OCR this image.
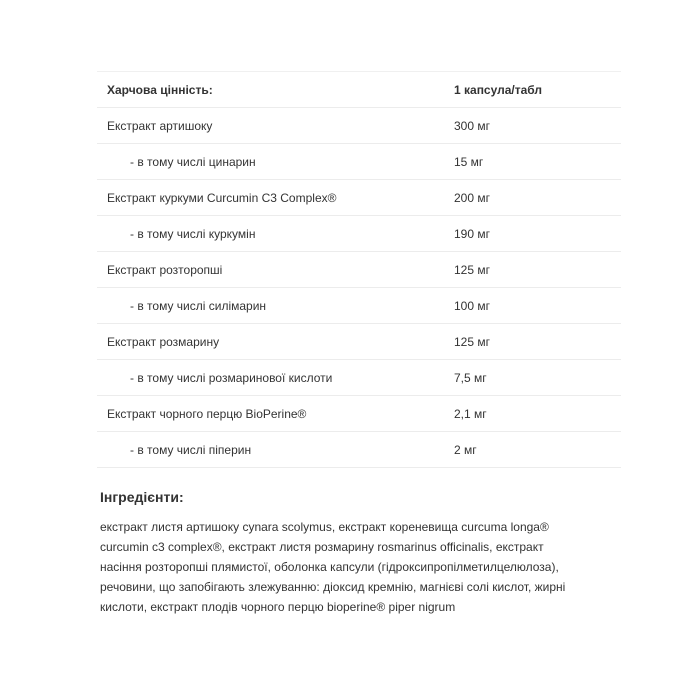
Харчова цінність:	1 капсула/табл
Екстракт артишоку	300 мг
- в тому числі цинарин	15 мг
Екстракт куркуми Curcumin C3 Complex®	200 мг
- в тому числі куркумін	190 мг
Екстракт розторопші	125 мг
- в тому числі силімарин	100 мг
Екстракт розмарину	125 мг
- в тому числі розмаринової кислоти	7,5 мг
Екстракт чорного перцю BioPerine®	2,1 мг
- в тому числі піперин	2 мг
Інгредієнти:
екстракт листя артишоку cynara scolymus, екстракт кореневища curcuma longa® curcumin c3 complex®, екстракт листя розмарину rosmarinus officinalis, екстракт насіння розторопші плямистої, оболонка капсули (гідроксипропілметилцелюлоза), речовини, що запобігають злежуванню: діоксид кремнію, магнієві солі кислот, жирні кислоти, екстракт плодів чорного перцю bioperine® piper nigrum
